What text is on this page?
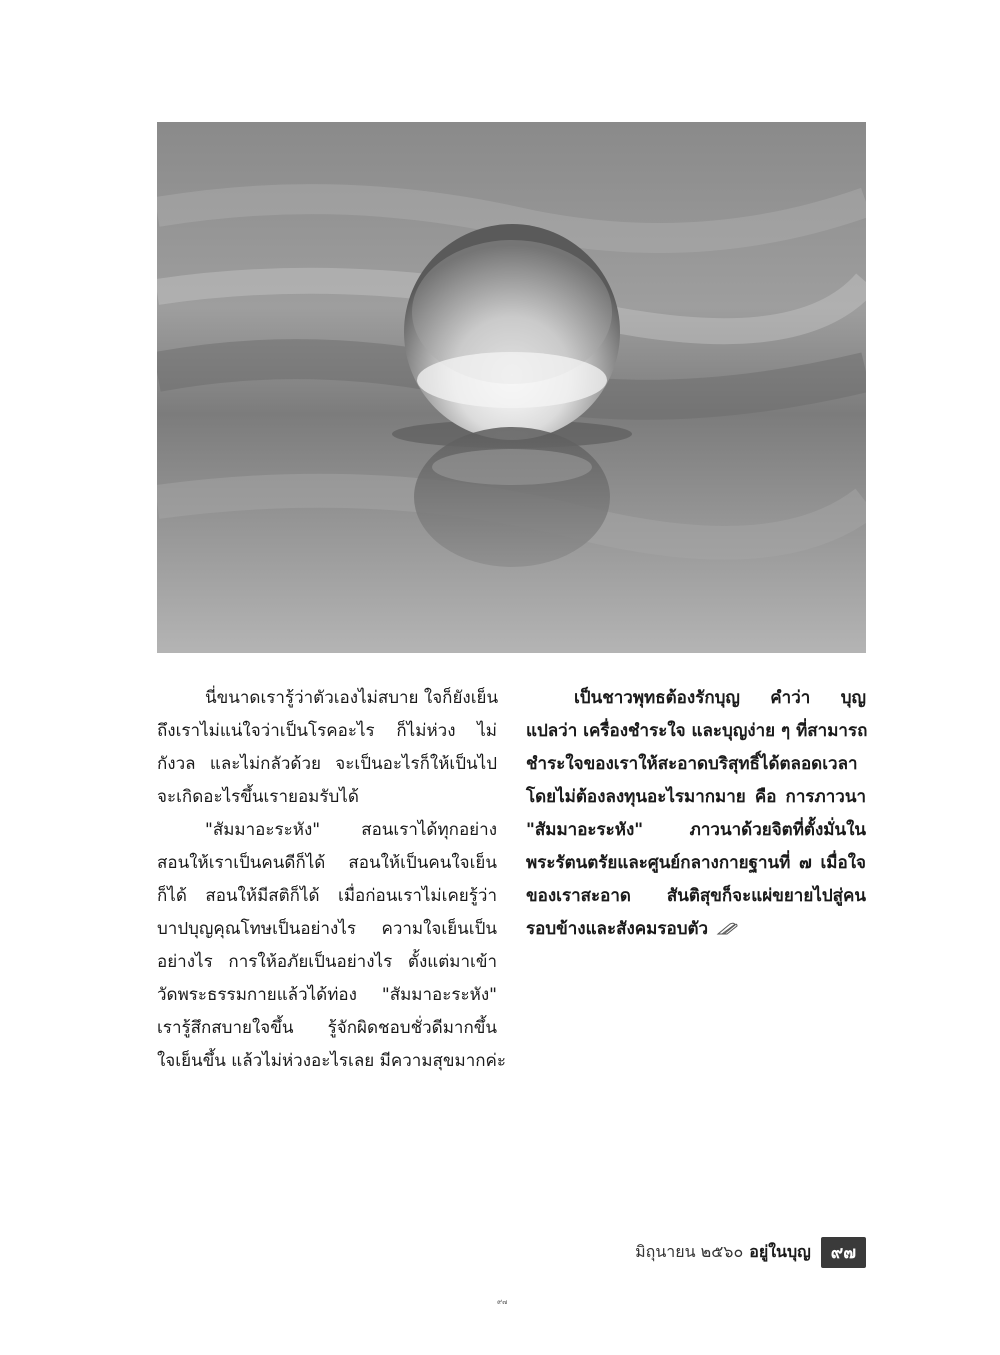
นี่ขนาดเรารู้ว่าตัวเองไม่สบาย ใจก็ยังเย็น
ถึงเราไม่แน่ใจว่าเป็นโรคอะไร ก็ไม่ห่วง ไม่
กังวล และไม่กลัวด้วย จะเป็นอะไรก็ให้เป็นไป
จะเกิดอะไรขึ้นเรายอมรับได้

"สัมมาอะระหัง" สอนเราได้ทุกอย่าง
สอนให้เราเป็นคนดีก็ได้ สอนให้เป็นคนใจเย็น
ก็ได้ สอนให้มีสติก็ได้ เมื่อก่อนเราไม่เคยรู้ว่า
บาปบุญคุณโทษเป็นอย่างไร ความใจเย็นเป็น
อย่างไร การให้อภัยเป็นอย่างไร ตั้งแต่มาเข้า
วัดพระธรรมกายแล้วได้ท่อง "สัมมาอะระหัง"
เรารู้สึกสบายใจขึ้น รู้จักผิดชอบชั่วดีมากขึ้น
ใจเย็นขึ้น แล้วไม่ห่วงอะไรเลย มีความสุขมากค่ะ

เป็นชาวพุทธต้องรักบุญ คำว่า บุญ
แปลว่า เครื่องชำระใจ และบุญง่าย ๆ ที่สามารถ
ชำระใจของเราให้สะอาดบริสุทธิ์ได้ตลอดเวลา
โดยไม่ต้องลงทุนอะไรมากมาย คือ การภาวนา
"สัมมาอะระหัง" ภาวนาด้วยจิตที่ตั้งมั่นใน
พระรัตนตรัยและศูนย์กลางกายฐานที่ ๗ เมื่อใจ
ของเราสะอาด สันติสุขก็จะแผ่ขยายไปสู่คน
รอบข้างและสังคมรอบตัว

มิถุนายน ๒๕๖๐ อยู่ในบุญ	๙๗
๙๗
